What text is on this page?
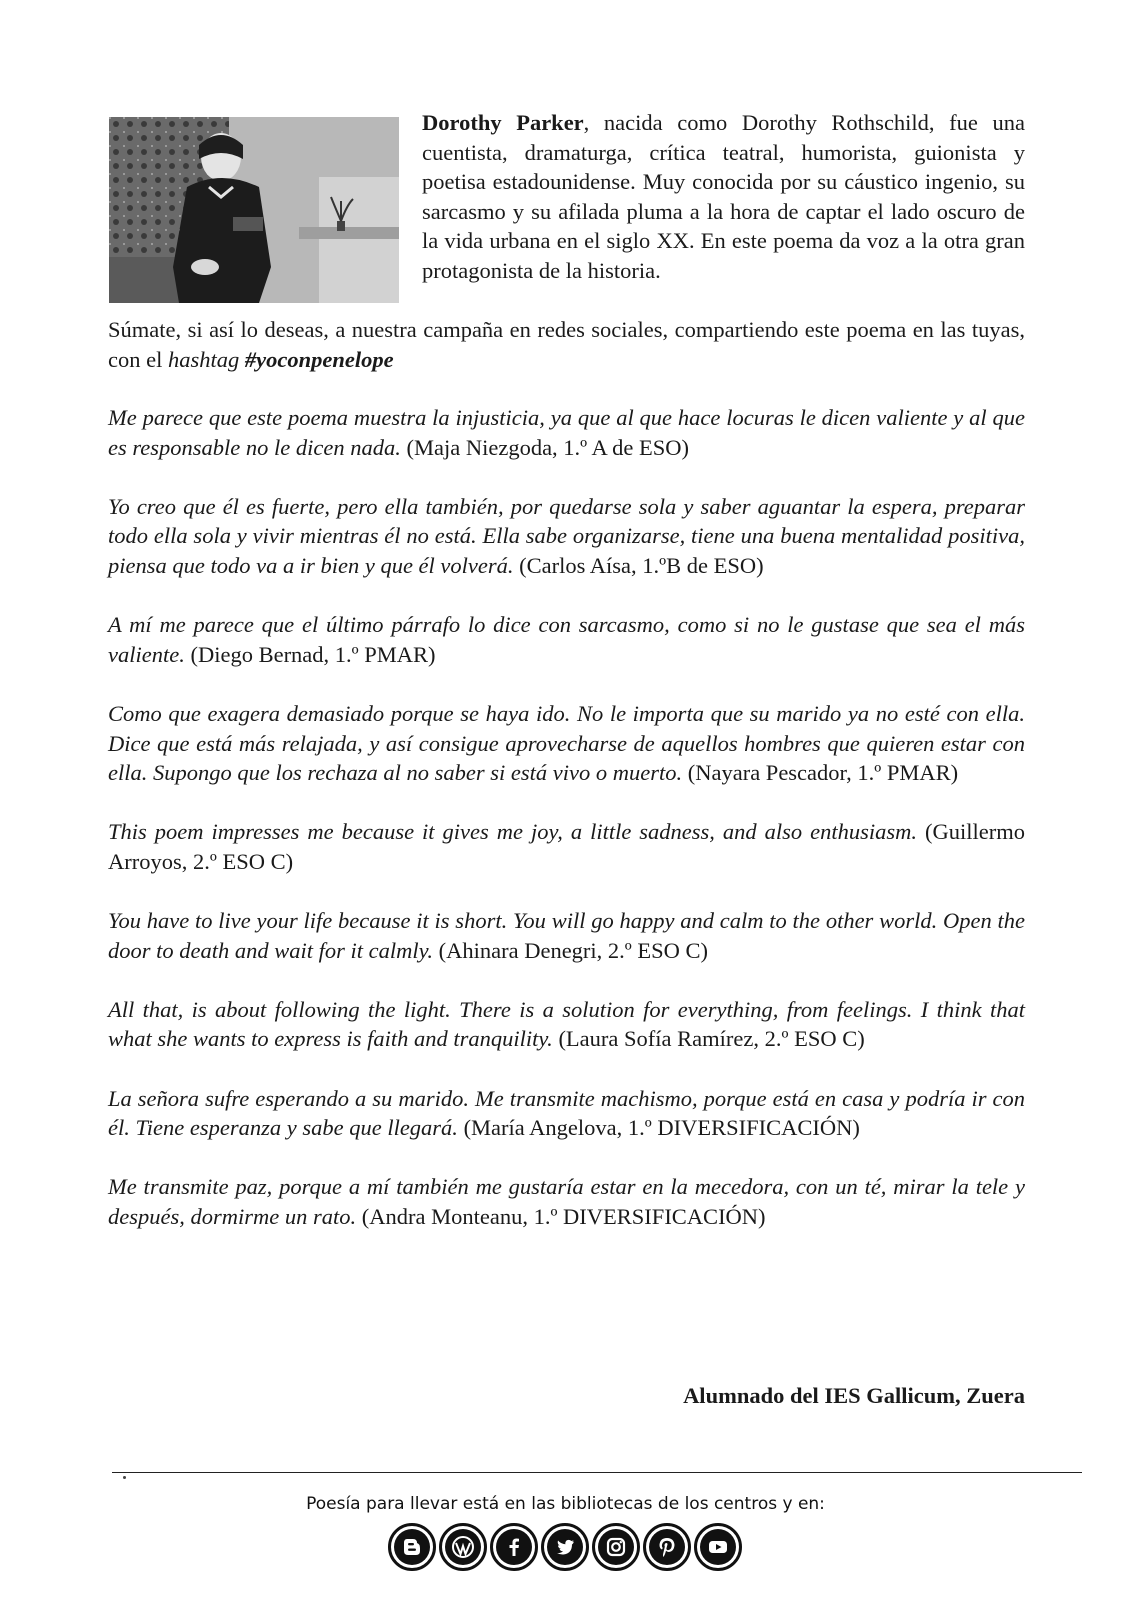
Dorothy Parker, nacida como Dorothy Rothschild, fue una cuentista, dramaturga, crítica teatral, humorista, guionista y poetisa estadounidense. Muy conocida por su cáustico ingenio, su sarcasmo y su afilada pluma a la hora de captar el lado oscuro de la vida urbana en el siglo XX. En este poema da voz a la otra gran protagonista de la historia.

Súmate, si así lo deseas, a nuestra campaña en redes sociales, compartiendo este poema en las tuyas, con el hashtag #yoconpenelope

Me parece que este poema muestra la injusticia, ya que al que hace locuras le dicen valiente y al que es responsable no le dicen nada. (Maja Niezgoda, 1.º A de ESO)

Yo creo que él es fuerte, pero ella también, por quedarse sola y saber aguantar la espera, preparar todo ella sola y vivir mientras él no está. Ella sabe organizarse, tiene una buena mentalidad positiva, piensa que todo va a ir bien y que él volverá. (Carlos Aísa, 1.ºB de ESO)

A mí me parece que el último párrafo lo dice con sarcasmo, como si no le gustase que sea el más valiente. (Diego Bernad, 1.º PMAR)

Como que exagera demasiado porque se haya ido. No le importa que su marido ya no esté con ella. Dice que está más relajada, y así consigue aprovecharse de aquellos hombres que quieren estar con ella. Supongo que los rechaza al no saber si está vivo o muerto. (Nayara Pescador, 1.º PMAR)

This poem impresses me because it gives me joy, a little sadness, and also enthusiasm. (Guillermo Arroyos, 2.º ESO C)

You have to live your life because it is short. You will go happy and calm to the other world. Open the door to death and wait for it calmly. (Ahinara Denegri, 2.º ESO C)

All that, is about following the light. There is a solution for everything, from feelings. I think that what she wants to express is faith and tranquility. (Laura Sofía Ramírez, 2.º ESO C)

La señora sufre esperando a su marido. Me transmite machismo, porque está en casa y podría ir con él. Tiene esperanza y sabe que llegará. (María Angelova, 1.º DIVERSIFICACIÓN)

Me transmite paz, porque a mí también me gustaría estar en la mecedora, con un té, mirar la tele y después, dormirme un rato. (Andra Monteanu, 1.º DIVERSIFICACIÓN)

Alumnado del IES Gallicum, Zuera
Poesía para llevar está en las bibliotecas de los centros y en:
